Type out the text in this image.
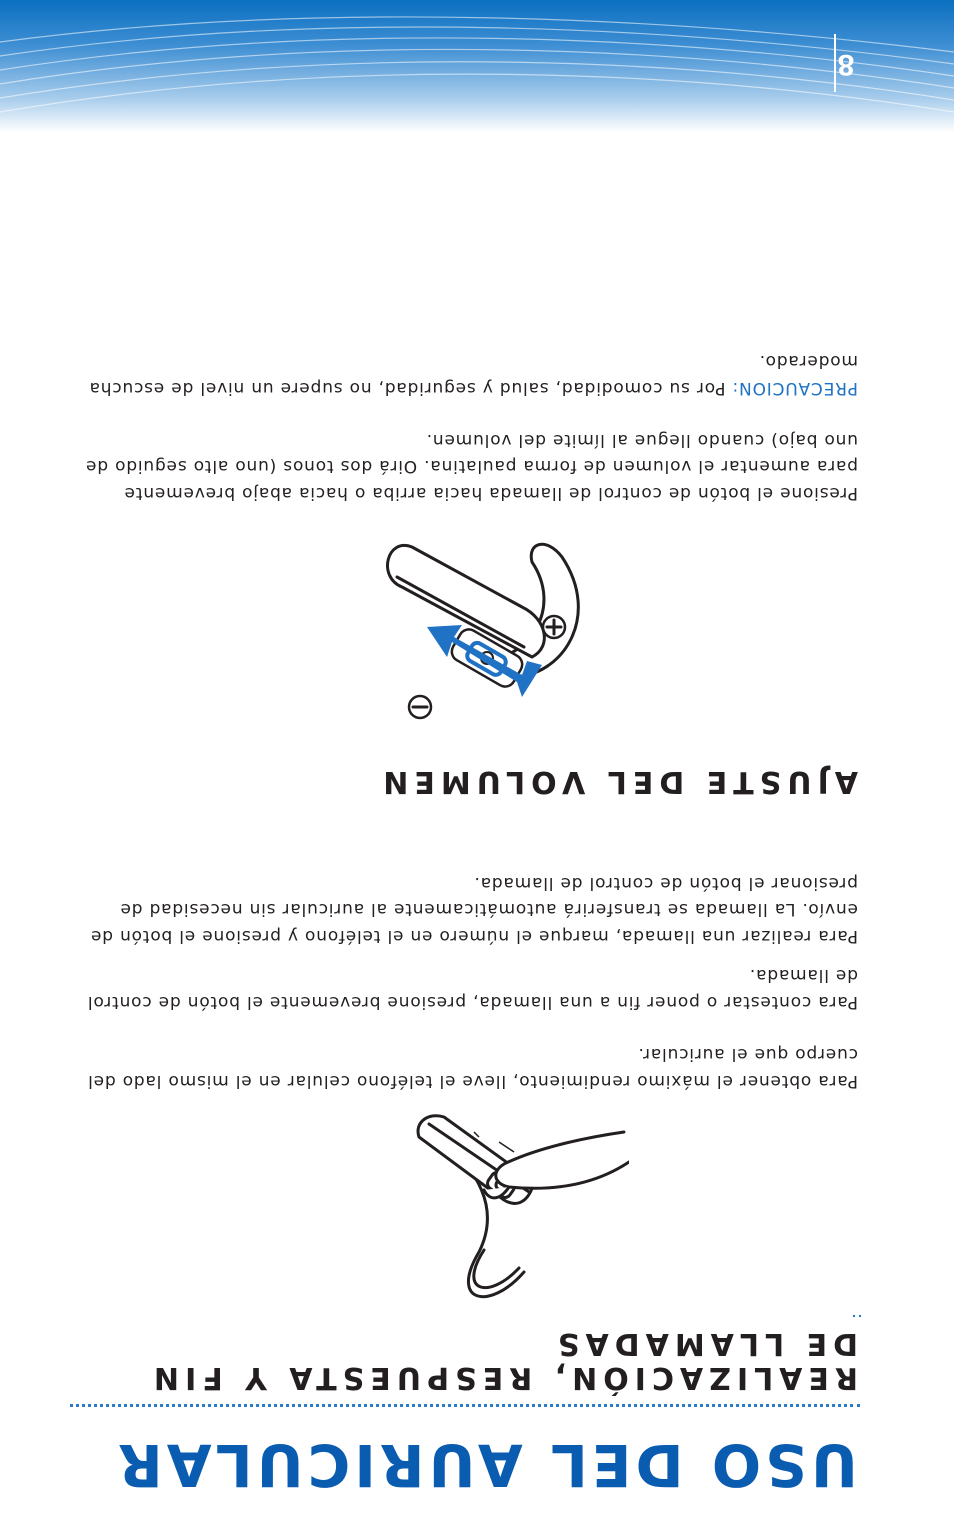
8
USO DEL AURICULAR
REALIZACIÓN, RESPUESTA Y FIN DE LLAMADAS

Para obtener el máximo rendimiento, lleve el teléfono celular en el mismo lado del cuerpo que el auricular.

Para contestar o poner fin a una llamada, presione brevemente el botón de control de llamada.

Para realizar una llamada, marque el número en el teléfono y presione el botón de envío. La llamada se transferirá automáticamente al auricular sin necesidad de presionar el botón de control de llamada.

AJUSTE DEL VOLUMEN

Presione el botón de control de llamada hacia arriba o hacia abajo brevemente para aumentar el volumen de forma paulatina. Oirá dos tonos (uno alto seguido de uno bajo) cuando llegue al límite del volumen.

PRECAUCION: Por su comodidad, salud y seguridad, no supere un nivel de escucha moderado.
